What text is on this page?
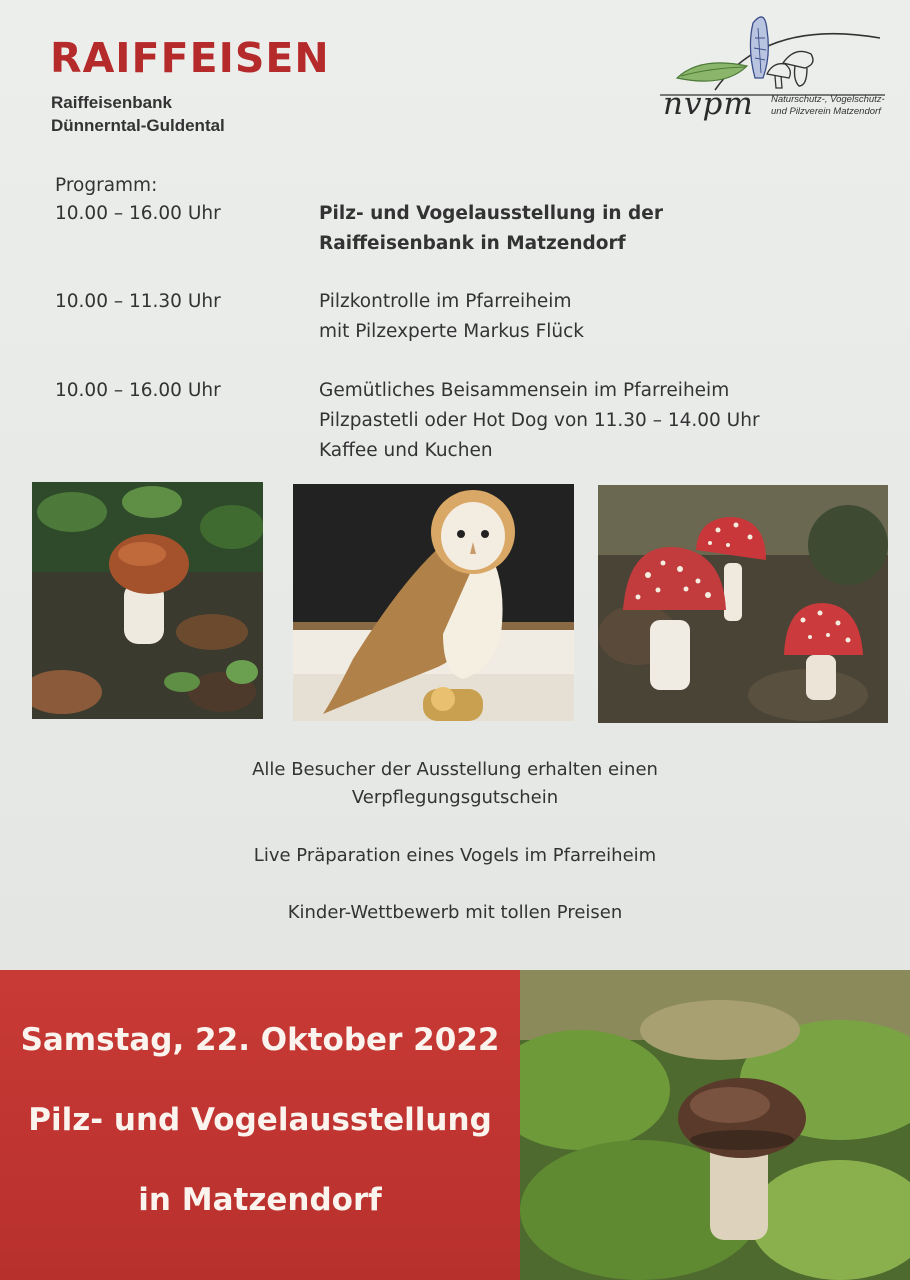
RAIFFEISEN
Raiffeisenbank
Dünnerntal-Guldental
nvpm Naturschutz-, Vogelschutz-
und Pilzverein Matzendorf
Programm:
10.00 – 16.00 Uhr	Pilz- und Vogelausstellung in der
Raiffeisenbank in Matzendorf
10.00 – 11.30 Uhr	Pilzkontrolle im Pfarreiheim
mit Pilzexperte Markus Flück
10.00 – 16.00 Uhr	Gemütliches Beisammensein im Pfarreiheim
Pilzpastetli oder Hot Dog von 11.30 – 14.00 Uhr
Kaffee und Kuchen
Alle Besucher der Ausstellung erhalten einen
Verpflegungsgutschein
Live Präparation eines Vogels im Pfarreiheim
Kinder-Wettbewerb mit tollen Preisen
Samstag, 22. Oktober 2022
Pilz- und Vogelausstellung
in Matzendorf
